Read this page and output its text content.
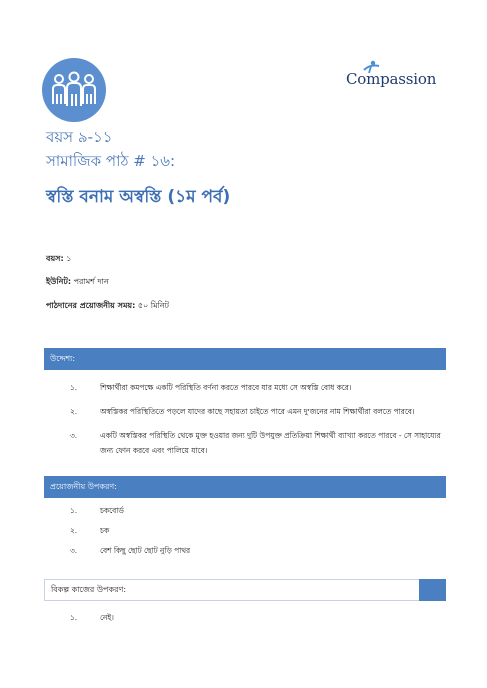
Compassion
বয়স ৯-১১
সামাজিক পাঠ # ১৬:
স্বস্তি বনাম অস্বস্তি (১ম পর্ব)
বয়স: ১
ইউনিট: পরামর্শ দান
পাঠদানের প্রয়োজনীয় সময়: ৫০ মিনিট
উদ্দেশ্য:
১.	শিক্ষার্থীরা কমপক্ষে একটি পরিস্থিতি বর্ণনা করতে পারবে যার মধ্যে সে অস্বস্তি বোধ করে।
২.	অস্বস্তিকর পরিস্থিতিতে পড়লে যাদের কাছে সহায়তা চাইতে পারে এমন দু'জনের নাম শিক্ষার্থীরা বলতে পারবে।
৩.	একটি অস্বস্তিকর পরিস্থিতি থেকে মুক্ত হওয়ার জন্য দুটি উপযুক্ত প্রতিক্রিয়া শিক্ষার্থী ব্যাখ্যা করতে পারবে - সে সাহায্যের জন্য ফোন করবে এবং পালিয়ে যাবে।
প্রয়োজনীয় উপকরণ:
১.	চকবোর্ড
২.	চক
৩.	বেশ কিছু ছোট ছোট নুড়ি পাথর
বিকল্প কাজের উপকরণ:
১.	নেই।
